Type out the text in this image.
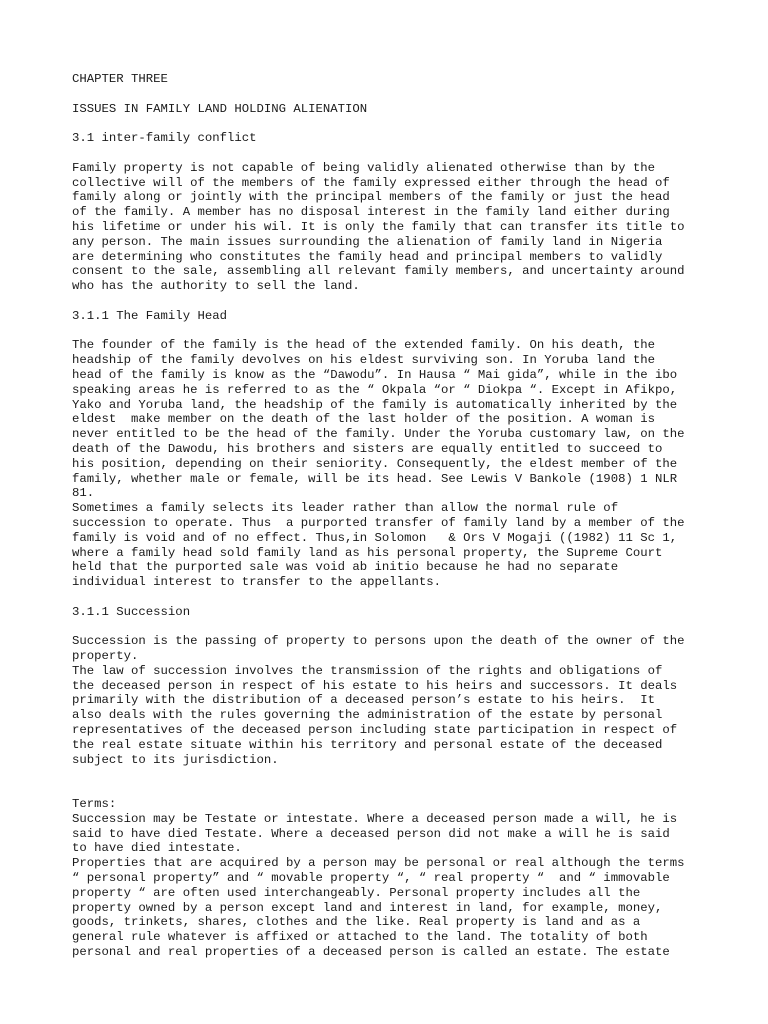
CHAPTER THREE
ISSUES IN FAMILY LAND HOLDING ALIENATION
3.1 inter-family conflict
Family property is not capable of being validly alienated otherwise than by the
collective will of the members of the family expressed either through the head of
family along or jointly with the principal members of the family or just the head
of the family. A member has no disposal interest in the family land either during
his lifetime or under his wil. It is only the family that can transfer its title to
any person. The main issues surrounding the alienation of family land in Nigeria
are determining who constitutes the family head and principal members to validly
consent to the sale, assembling all relevant family members, and uncertainty around
who has the authority to sell the land.
3.1.1 The Family Head
The founder of the family is the head of the extended family. On his death, the
headship of the family devolves on his eldest surviving son. In Yoruba land the
head of the family is know as the “Dawodu”. In Hausa “ Mai gida”, while in the ibo
speaking areas he is referred to as the “ Okpala “or “ Diokpa “. Except in Afikpo,
Yako and Yoruba land, the headship of the family is automatically inherited by the
eldest  make member on the death of the last holder of the position. A woman is
never entitled to be the head of the family. Under the Yoruba customary law, on the
death of the Dawodu, his brothers and sisters are equally entitled to succeed to
his position, depending on their seniority. Consequently, the eldest member of the
family, whether male or female, will be its head. See Lewis V Bankole (1908) 1 NLR
81.
Sometimes a family selects its leader rather than allow the normal rule of
succession to operate. Thus  a purported transfer of family land by a member of the
family is void and of no effect. Thus,in Solomon   & Ors V Mogaji ((1982) 11 Sc 1,
where a family head sold family land as his personal property, the Supreme Court
held that the purported sale was void ab initio because he had no separate
individual interest to transfer to the appellants.
3.1.1 Succession
Succession is the passing of property to persons upon the death of the owner of the
property.
The law of succession involves the transmission of the rights and obligations of
the deceased person in respect of his estate to his heirs and successors. It deals
primarily with the distribution of a deceased person’s estate to his heirs.  It
also deals with the rules governing the administration of the estate by personal
representatives of the deceased person including state participation in respect of
the real estate situate within his territory and personal estate of the deceased
subject to its jurisdiction.
Terms:
Succession may be Testate or intestate. Where a deceased person made a will, he is
said to have died Testate. Where a deceased person did not make a will he is said
to have died intestate.
Properties that are acquired by a person may be personal or real although the terms
“ personal property” and “ movable property “, “ real property “  and “ immovable
property “ are often used interchangeably. Personal property includes all the
property owned by a person except land and interest in land, for example, money,
goods, trinkets, shares, clothes and the like. Real property is land and as a
general rule whatever is affixed or attached to the land. The totality of both
personal and real properties of a deceased person is called an estate. The estate
